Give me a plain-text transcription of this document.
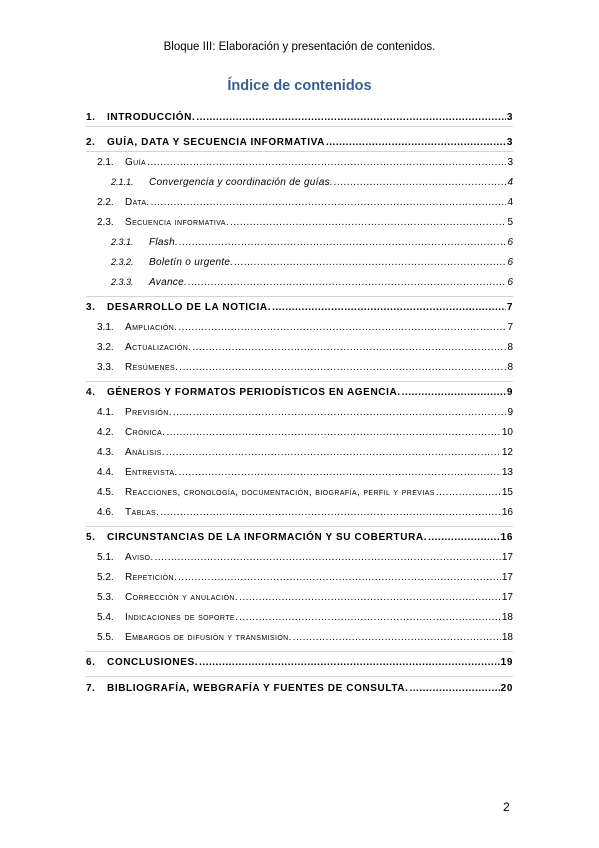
Bloque III: Elaboración y presentación de contenidos.
Índice de contenidos
1.	INTRODUCCIÓN. .....	3
2.	GUÍA, DATA Y SECUENCIA INFORMATIVA .....	3
2.1.	Guía .....	3
2.1.1.	Convergencia y coordinación de guías. .....	4
2.2.	Data. .....	4
2.3.	Secuencia informativa. .....	5
2.3.1.	Flash. .....	6
2.3.2.	Boletín o urgente. .....	6
2.3.3.	Avance. .....	6
3.	DESARROLLO DE LA NOTICIA. .....	7
3.1.	Ampliación. .....	7
3.2.	Actualización. .....	8
3.3.	Resúmenes. .....	8
4.	GÉNEROS Y FORMATOS PERIODÍSTICOS EN AGENCIA. .....	9
4.1.	Previsión. .....	9
4.2.	Crónica. .....	10
4.3.	Análisis. .....	12
4.4.	Entrevista. .....	13
4.5.	Reacciones, cronología, documentación, biografía, perfil y previas .....	15
4.6.	Tablas. .....	16
5.	CIRCUNSTANCIAS DE LA INFORMACIÓN Y SU COBERTURA. .....	16
5.1.	Aviso. .....	17
5.2.	Repetición. .....	17
5.3.	Corrección y anulación. .....	17
5.4.	Indicaciones de soporte. .....	18
5.5.	Embargos de difusión y transmisión. .....	18
6.	CONCLUSIONES. .....	19
7.	BIBLIOGRAFÍA, WEBGRAFÍA Y FUENTES DE CONSULTA. .....	20
2
